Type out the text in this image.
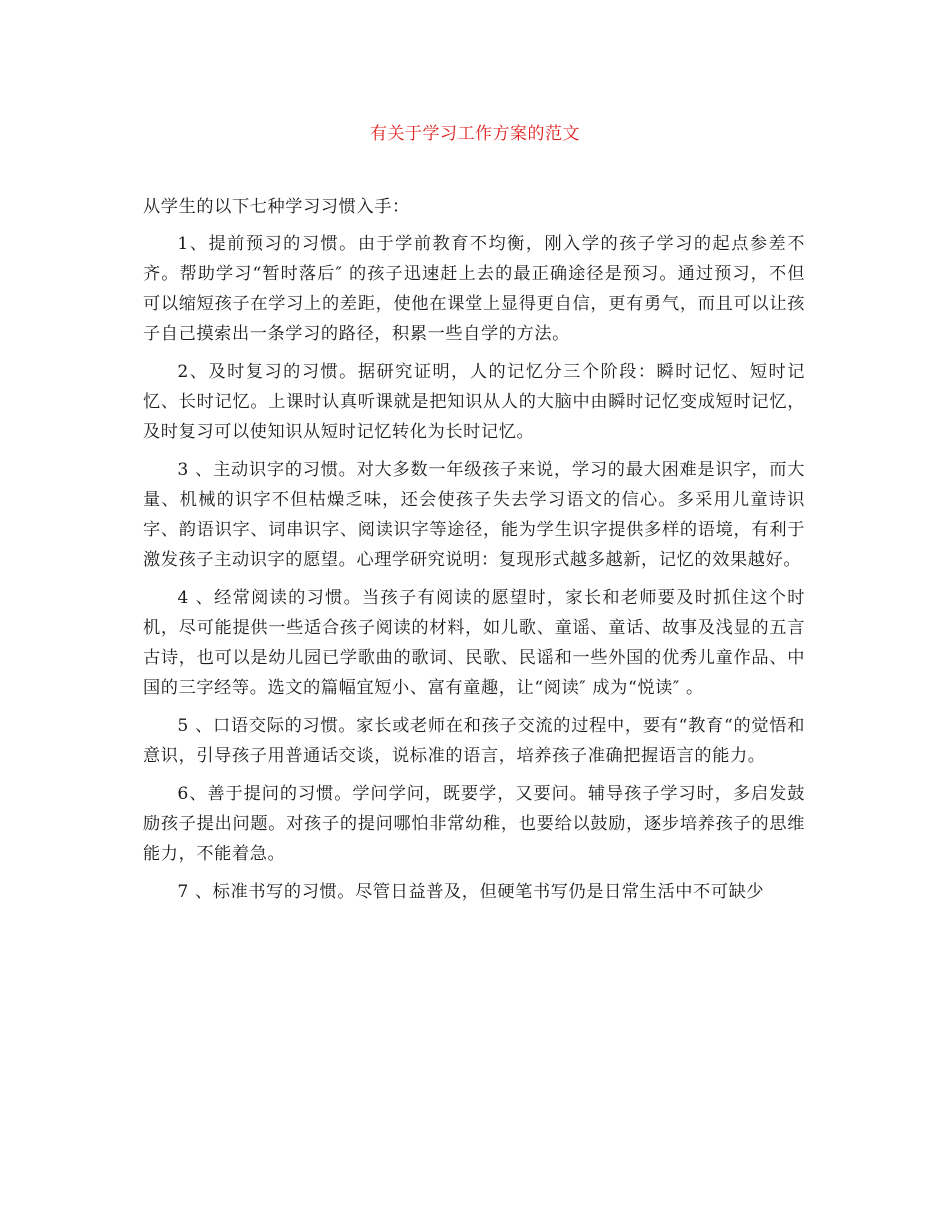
有关于学习工作方案的范文

从学生的以下七种学习习惯入手：

1、提前预习的习惯。由于学前教育不均衡，刚入学的孩子学习的起点参差不齐。帮助学习“暂时落后″ 的孩子迅速赶上去的最正确途径是预习。通过预习，不但可以缩短孩子在学习上的差距，使他在课堂上显得更自信，更有勇气，而且可以让孩子自己摸索出一条学习的路径，积累一些自学的方法。

2、及时复习的习惯。据研究证明，人的记忆分三个阶段：瞬时记忆、短时记忆、长时记忆。上课时认真听课就是把知识从人的大脑中由瞬时记忆变成短时记忆，及时复习可以使知识从短时记忆转化为长时记忆。

3 、主动识字的习惯。对大多数一年级孩子来说，学习的最大困难是识字，而大量、机械的识字不但枯燥乏味，还会使孩子失去学习语文的信心。多采用儿童诗识字、韵语识字、词串识字、阅读识字等途径，能为学生识字提供多样的语境，有利于激发孩子主动识字的愿望。心理学研究说明：复现形式越多越新，记忆的效果越好。

4 、经常阅读的习惯。当孩子有阅读的愿望时，家长和老师要及时抓住这个时机，尽可能提供一些适合孩子阅读的材料，如儿歌、童谣、童话、故事及浅显的五言古诗，也可以是幼儿园已学歌曲的歌词、民歌、民谣和一些外国的优秀儿童作品、中国的三字经等。选文的篇幅宜短小、富有童趣，让“阅读″ 成为“悦读″ 。

5 、口语交际的习惯。家长或老师在和孩子交流的过程中，要有“教育“的觉悟和意识，引导孩子用普通话交谈，说标准的语言，培养孩子准确把握语言的能力。

6、善于提问的习惯。学问学问，既要学，又要问。辅导孩子学习时，多启发鼓励孩子提出问题。对孩子的提问哪怕非常幼稚，也要给以鼓励，逐步培养孩子的思维能力，不能着急。

7 、标准书写的习惯。尽管日益普及，但硬笔书写仍是日常生活中不可缺少
